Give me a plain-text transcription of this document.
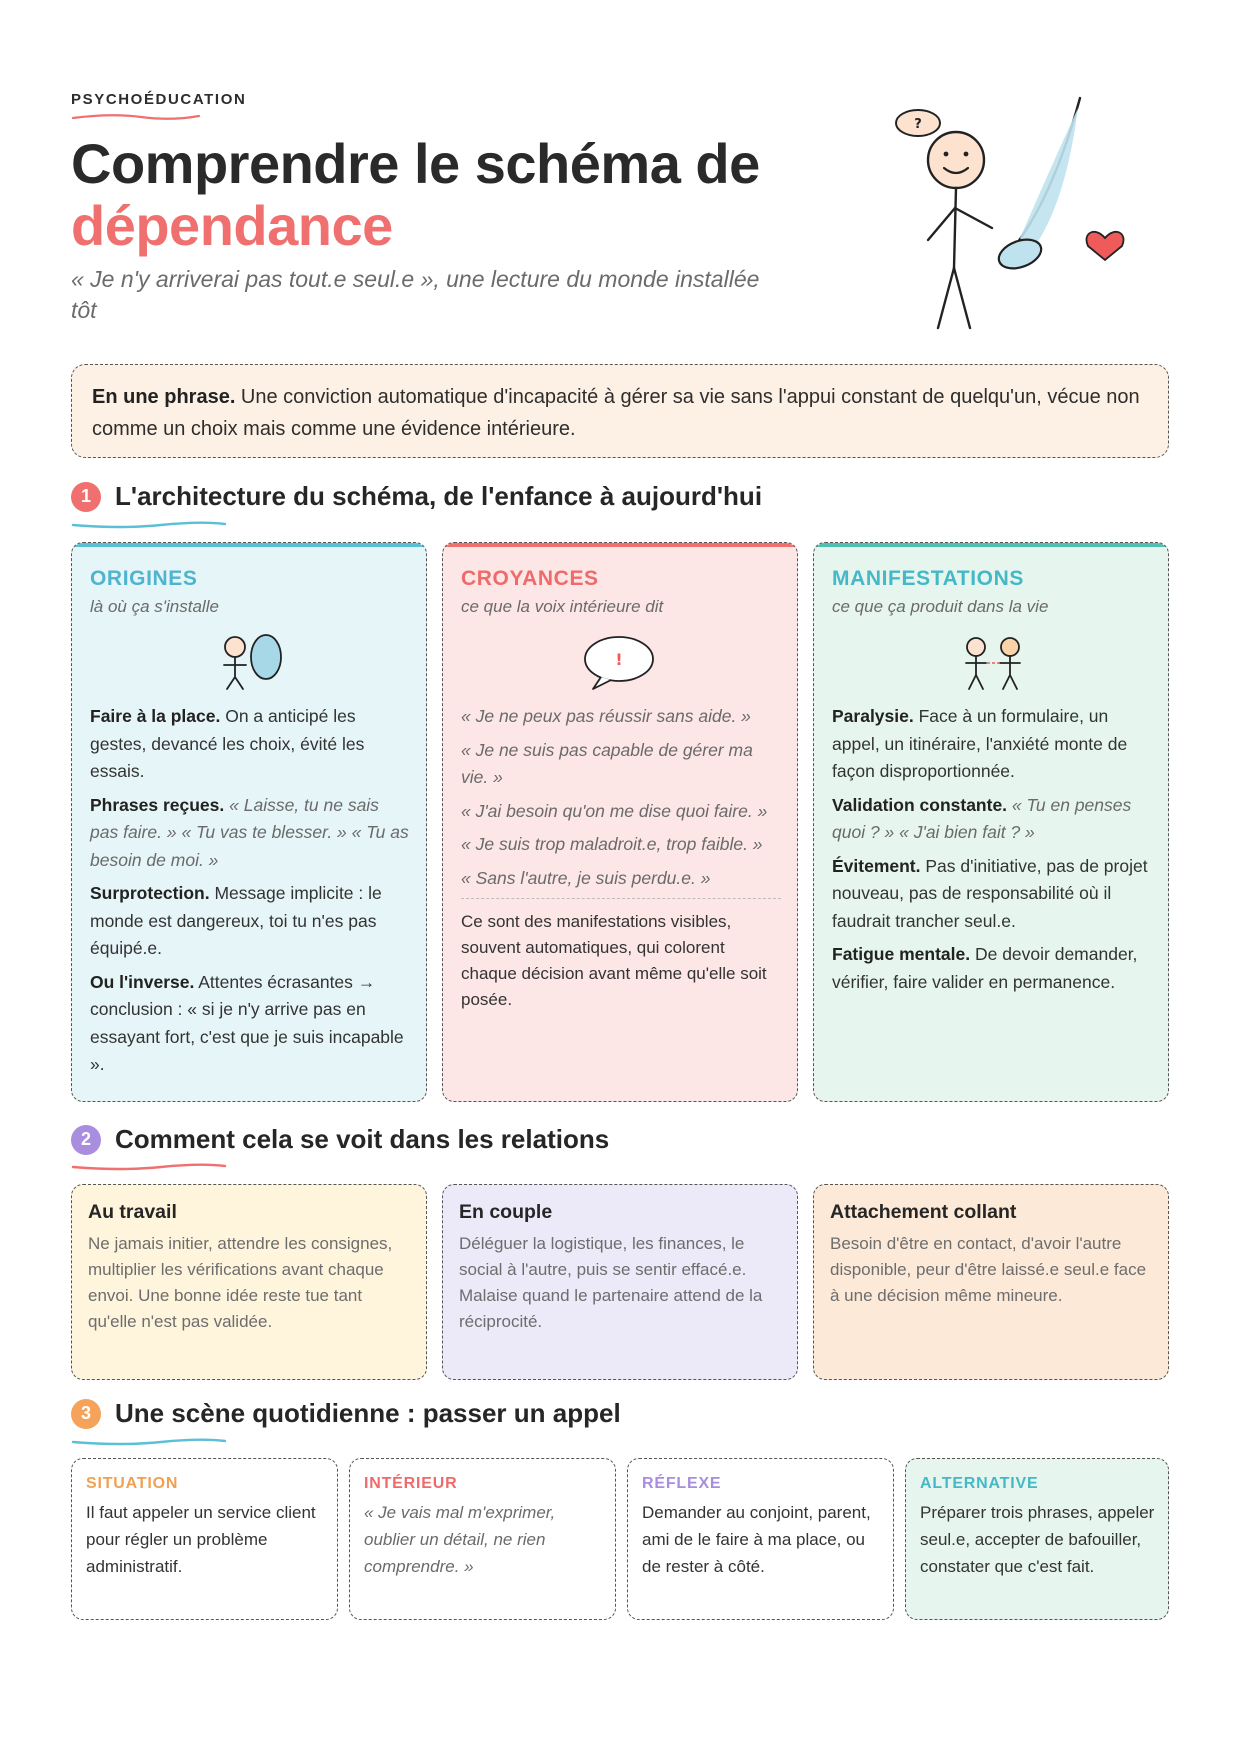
PSYCHOÉDUCATION
Comprendre le schéma de
dépendance
« Je n'y arriverai pas tout.e seul.e », une lecture du monde installée tôt
?
En une phrase. Une conviction automatique d'incapacité à gérer sa vie sans l'appui constant de quelqu'un, vécue non comme un choix mais comme une évidence intérieure.
1 L'architecture du schéma, de l'enfance à aujourd'hui
ORIGINES
là où ça s'installe

Faire à la place. On a anticipé les gestes, devancé les choix, évité les essais.

Phrases reçues. « Laisse, tu ne sais pas faire. » « Tu vas te blesser. » « Tu as besoin de moi. »

Surprotection. Message implicite : le monde est dangereux, toi tu n'es pas équipé.e.

Ou l'inverse. Attentes écrasantes → conclusion : « si je n'y arrive pas en essayant fort, c'est que je suis incapable ».

CROYANCES
ce que la voix intérieure dit
!

« Je ne peux pas réussir sans aide. »

« Je ne suis pas capable de gérer ma vie. »

« J'ai besoin qu'on me dise quoi faire. »

« Je suis trop maladroit.e, trop faible. »

« Sans l'autre, je suis perdu.e. »

Ce sont des manifestations visibles, souvent automatiques, qui colorent chaque décision avant même qu'elle soit posée.
MANIFESTATIONS
ce que ça produit dans la vie

Paralysie. Face à un formulaire, un appel, un itinéraire, l'anxiété monte de façon disproportionnée.

Validation constante. « Tu en penses quoi ? » « J'ai bien fait ? »

Évitement. Pas d'initiative, pas de projet nouveau, pas de responsabilité où il faudrait trancher seul.e.

Fatigue mentale. De devoir demander, vérifier, faire valider en permanence.

2 Comment cela se voit dans les relations
Au travail
Ne jamais initier, attendre les consignes, multiplier les vérifications avant chaque envoi. Une bonne idée reste tue tant qu'elle n'est pas validée.
En couple
Déléguer la logistique, les finances, le social à l'autre, puis se sentir effacé.e. Malaise quand le partenaire attend de la réciprocité.
Attachement collant
Besoin d'être en contact, d'avoir l'autre disponible, peur d'être laissé.e seul.e face à une décision même mineure.
3 Une scène quotidienne : passer un appel
SITUATION
Il faut appeler un service client pour régler un problème administratif.
INTÉRIEUR
« Je vais mal m'exprimer, oublier un détail, ne rien comprendre. »
RÉFLEXE
Demander au conjoint, parent, ami de le faire à ma place, ou de rester à côté.
ALTERNATIVE
Préparer trois phrases, appeler seul.e, accepter de bafouiller, constater que c'est fait.
